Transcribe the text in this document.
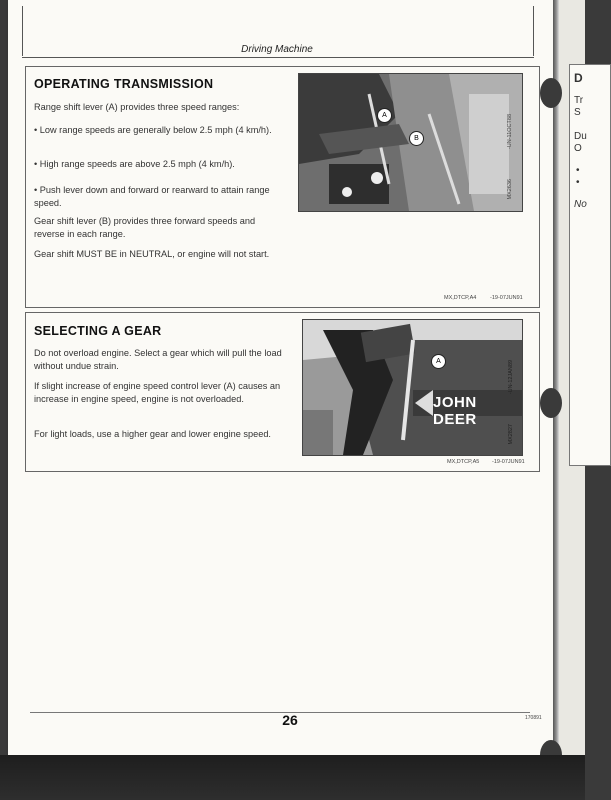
D
Tr
S
Du
O
•
•
No
Driving Machine
OPERATING TRANSMISSION
Range shift lever (A) provides three speed ranges:
• Low range speeds are generally below 2.5 mph (4 km/h).
• High range speeds are above 2.5 mph (4 km/h).
• Push lever down and forward or rearward to attain range speed.
Gear shift lever (B) provides three forward speeds and reverse in each range.
Gear shift MUST BE in NEUTRAL, or engine will not start.
A
B	-UN-11OCT88
MX2636
MX,DTCP,A4 -19-07JUN91
SELECTING A GEAR
Do not overload engine. Select a gear which will pull the load without undue strain.
If slight increase of engine speed control lever (A) causes an increase in engine speed, engine is not overloaded.
For light loads, use a higher gear and lower engine speed.
A
JOHN DEER
-UN-12JAN89
MX2827
MX,DTCP,A5 -19-07JUN91
26	170891
